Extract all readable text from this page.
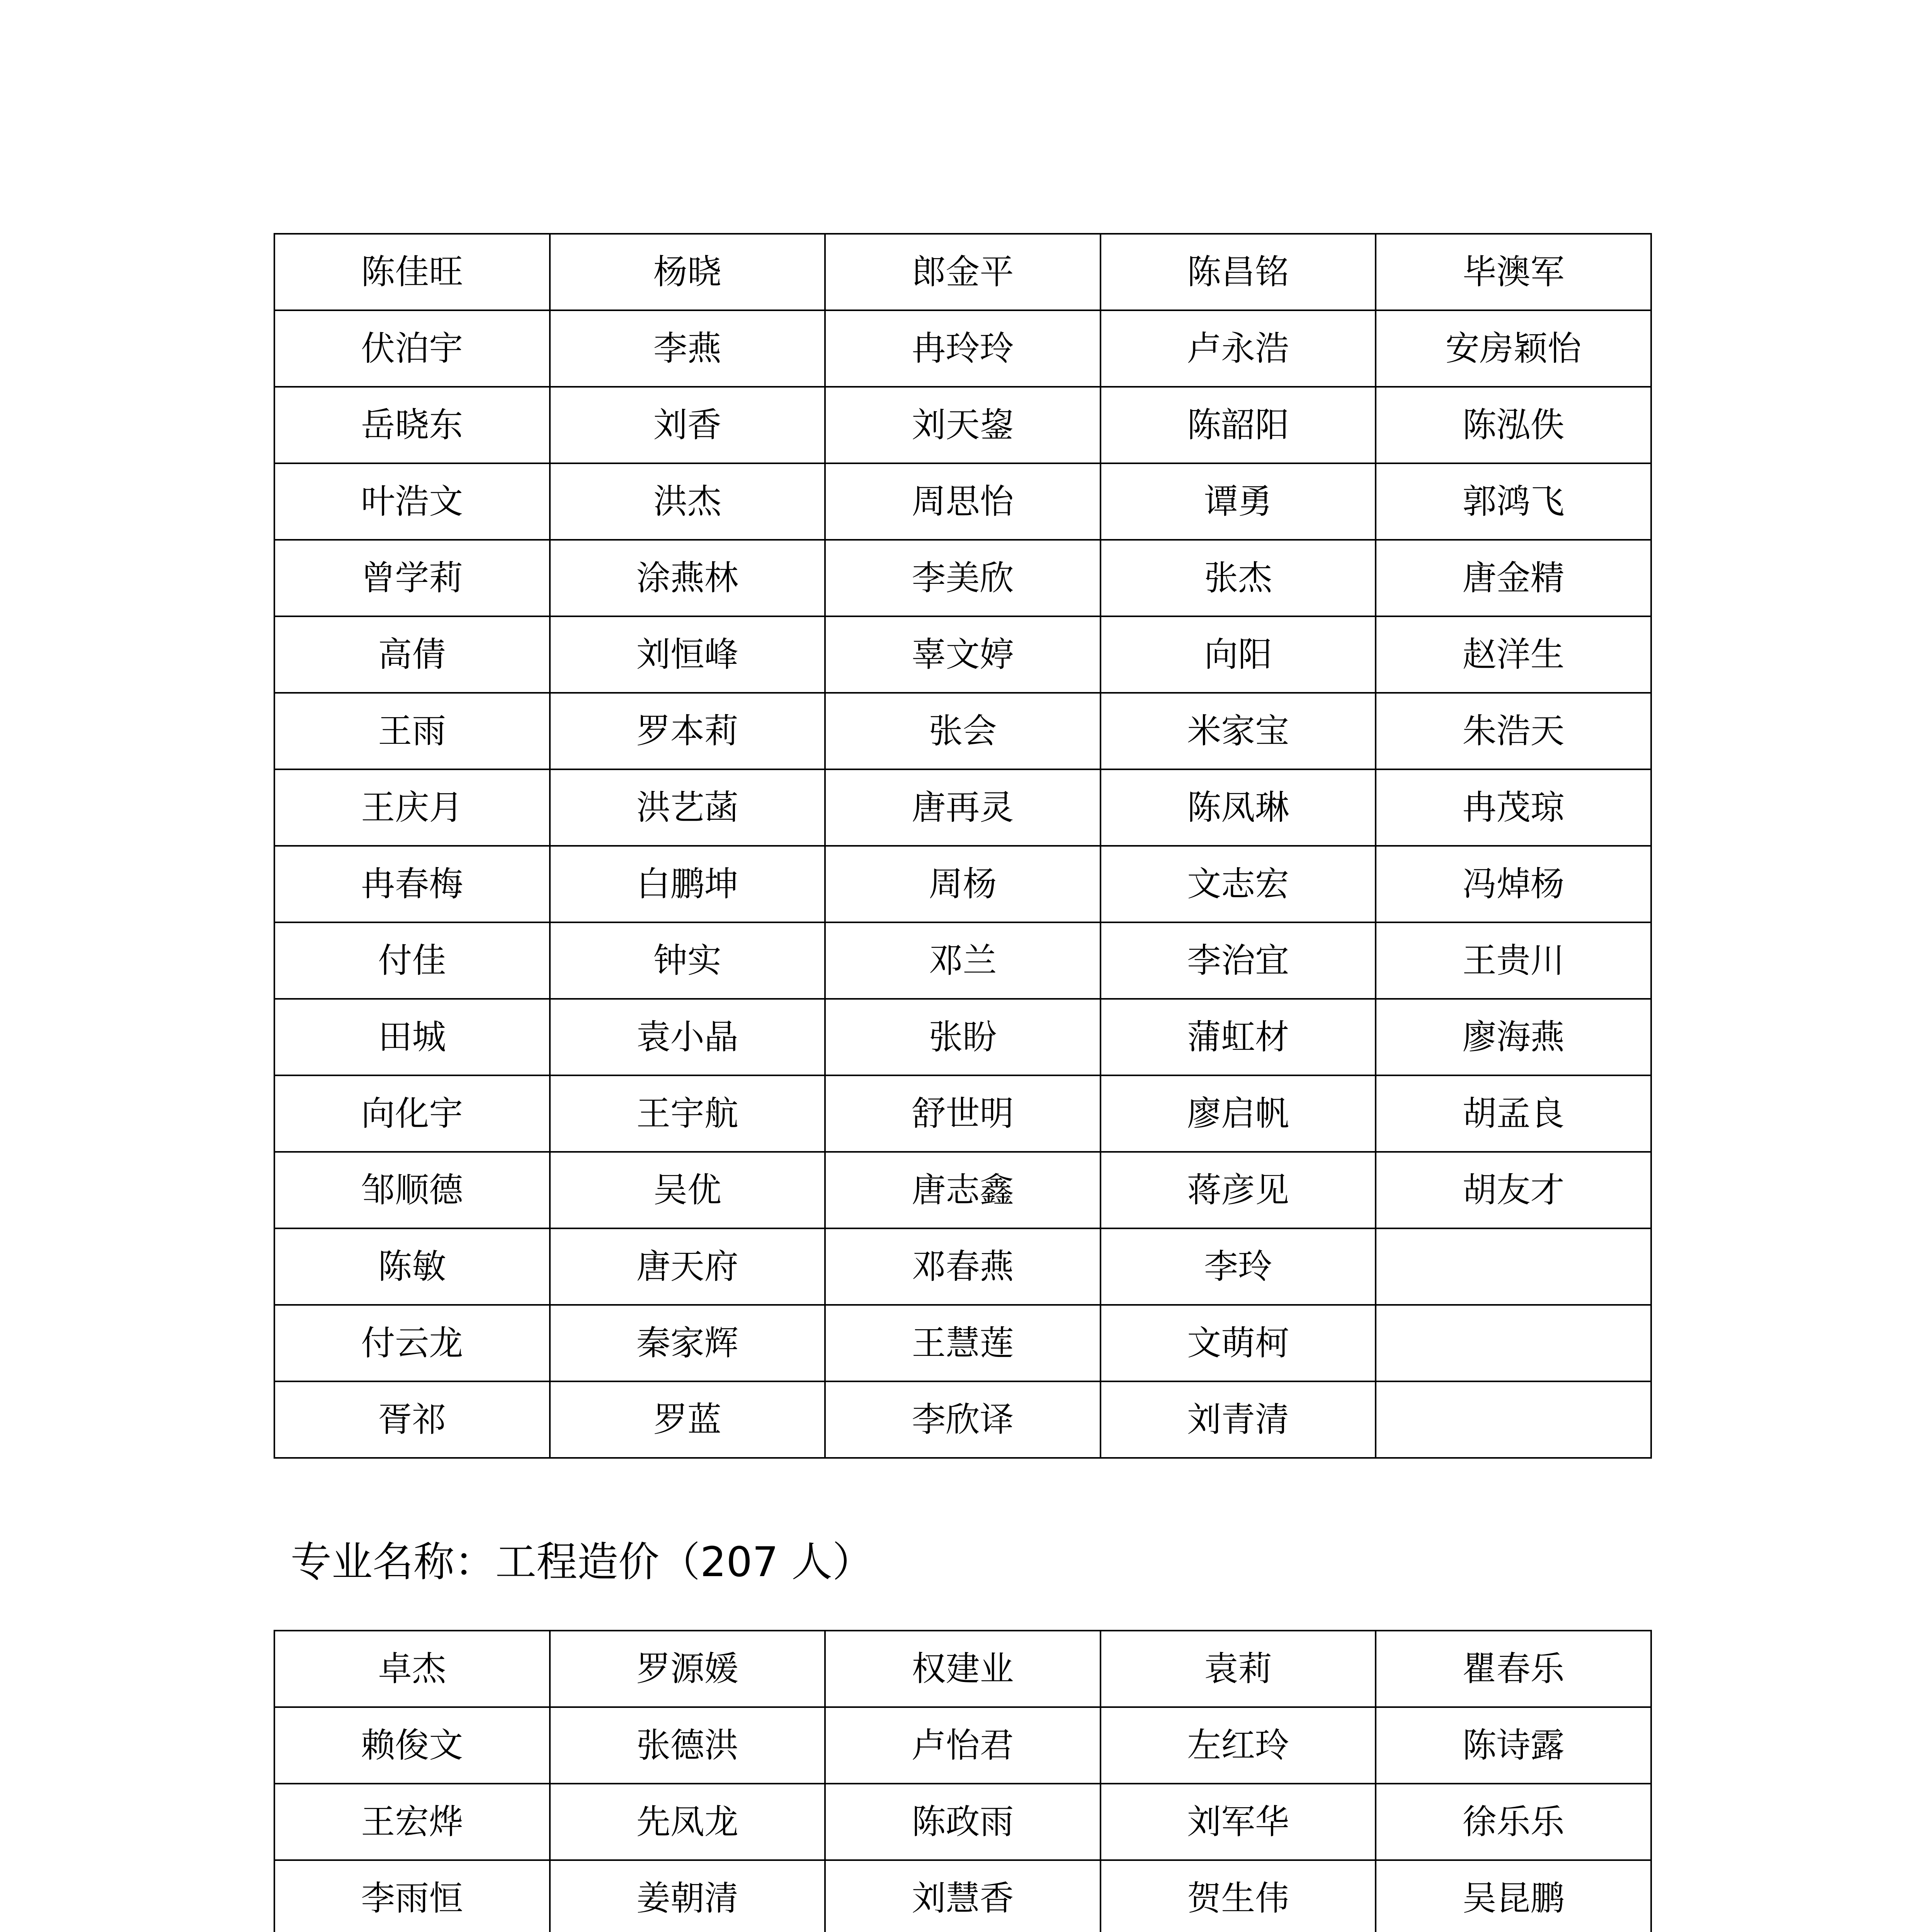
陈佳旺	杨晓	郎金平	陈昌铭	毕澳军
伏泊宇	李燕	冉玲玲	卢永浩	安房颖怡
岳晓东	刘香	刘天鋆	陈韶阳	陈泓佚
叶浩文	洪杰	周思怡	谭勇	郭鸿飞
曾学莉	涂燕林	李美欣	张杰	唐金精
高倩	刘恒峰	辜文婷	向阳	赵洋生
王雨	罗本莉	张会	米家宝	朱浩天
王庆月	洪艺菡	唐再灵	陈凤琳	冉茂琼
冉春梅	白鹏坤	周杨	文志宏	冯焯杨
付佳	钟实	邓兰	李治宜	王贵川
田城	袁小晶	张盼	蒲虹材	廖海燕
向化宇	王宇航	舒世明	廖启帆	胡孟良
邹顺德	吴优	唐志鑫	蒋彦见	胡友才
陈敏	唐天府	邓春燕	李玲	
付云龙	秦家辉	王慧莲	文萌柯	
胥祁	罗蓝	李欣译	刘青清	
专业名称：工程造价（207 人）
卓杰	罗源媛	权建业	袁莉	瞿春乐
赖俊文	张德洪	卢怡君	左红玲	陈诗露
王宏烨	先凤龙	陈政雨	刘军华	徐乐乐
李雨恒	姜朝清	刘慧香	贺生伟	吴昆鹏
